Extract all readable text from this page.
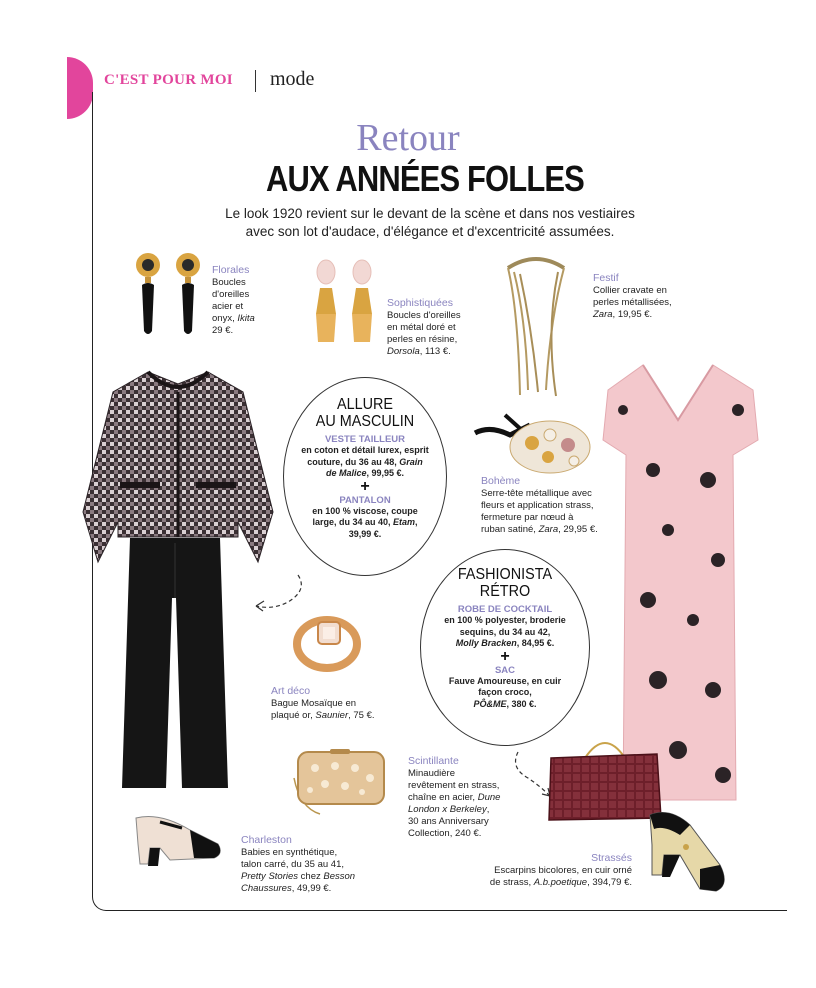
C'EST POUR MOI mode
Retour
AUX ANNÉES FOLLES
Le look 1920 revient sur le devant de la scène et dans nos vestiaires
avec son lot d'audace, d'élégance et d'excentricité assumées.
Florales
Boucles
d'oreilles
acier et
onyx, Ikita
29 €.
Sophistiquées
Boucles d'oreilles
en métal doré et
perles en résine,
Dorsola, 113 €.
Festif
Collier cravate en
perles métallisées,
Zara, 19,95 €.
ALLURE
AU MASCULIN
VESTE TAILLEUR
en coton et détail lurex, esprit
couture, du 36 au 48, Grain
de Malice, 99,95 €.
+
PANTALON
en 100 % viscose, coupe
large, du 34 au 40, Etam,
39,99 €.
Bohème
Serre-tête métallique avec
fleurs et application strass,
fermeture par nœud à
ruban satiné, Zara, 29,95 €.
FASHIONISTA
RÉTRO
ROBE DE COCKTAIL
en 100 % polyester, broderie
sequins, du 34 au 42,
Molly Bracken, 84,95 €.
+
SAC
Fauve Amoureuse, en cuir
façon croco,
PÔ&ME, 380 €.
Art déco
Bague Mosaïque en
plaqué or, Saunier, 75 €.
Scintillante
Minaudière
revêtement en strass,
chaîne en acier, Dune
London x Berkeley,
30 ans Anniversary
Collection, 240 €.
Charleston
Babies en synthétique,
talon carré, du 35 au 41,
Pretty Stories chez Besson
Chaussures, 49,99 €.
Strassés
Escarpins bicolores, en cuir orné
de strass, A.b.poetique, 394,79 €.
